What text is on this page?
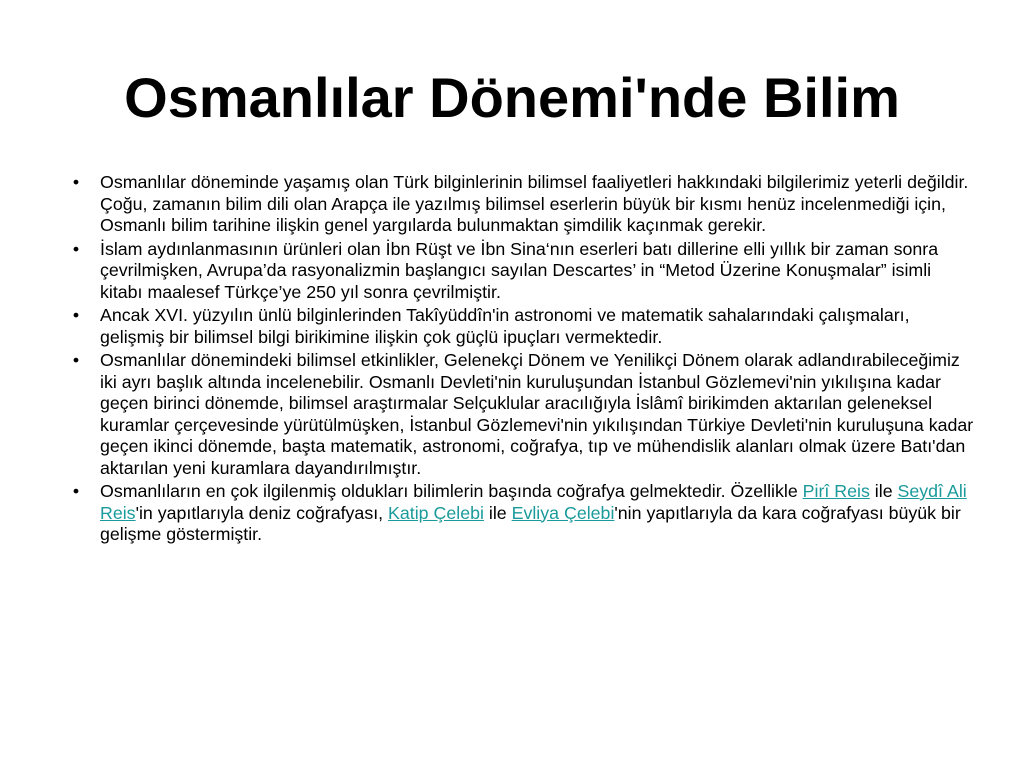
Osmanlılar Dönemi'nde Bilim
• Osmanlılar döneminde yaşamış olan Türk bilginlerinin bilimsel faaliyetleri hakkındaki bilgilerimiz yeterli değildir. Çoğu, zamanın bilim dili olan Arapça ile yazılmış bilimsel eserlerin büyük bir kısmı henüz incelenmediği için, Osmanlı bilim tarihine ilişkin genel yargılarda bulunmaktan şimdilik kaçınmak gerekir.
• İslam aydınlanmasının ürünleri olan İbn Rüşt ve İbn Sina‘nın eserleri batı dillerine elli yıllık bir zaman sonra çevrilmişken, Avrupa’da rasyonalizmin başlangıcı sayılan Descartes’ in “Metod Üzerine Konuşmalar” isimli kitabı maalesef Türkçe’ye 250 yıl sonra çevrilmiştir.
• Ancak XVI. yüzyılın ünlü bilginlerinden Takîyüddîn'in astronomi ve matematik sahalarındaki çalışmaları, gelişmiş bir bilimsel bilgi birikimine ilişkin çok güçlü ipuçları vermektedir.
• Osmanlılar dönemindeki bilimsel etkinlikler, Gelenekçi Dönem ve Yenilikçi Dönem olarak adlandırabileceğimiz iki ayrı başlık altında incelenebilir. Osmanlı Devleti'nin kuruluşundan İstanbul Gözlemevi'nin yıkılışına kadar geçen birinci dönemde, bilimsel araştırmalar Selçuklular aracılığıyla İslâmî birikimden aktarılan geleneksel kuramlar çerçevesinde yürütülmüşken, İstanbul Gözlemevi'nin yıkılışından Türkiye Devleti'nin kuruluşuna kadar geçen ikinci dönemde, başta matematik, astronomi, coğrafya, tıp ve mühendislik alanları olmak üzere Batı'dan aktarılan yeni kuramlara dayandırılmıştır.
• Osmanlıların en çok ilgilenmiş oldukları bilimlerin başında coğrafya gelmektedir. Özellikle Pirî Reis ile Seydî Ali Reis'in yapıtlarıyla deniz coğrafyası, Katip Çelebi ile Evliya Çelebi'nin yapıtlarıyla da kara coğrafyası büyük bir gelişme göstermiştir.
